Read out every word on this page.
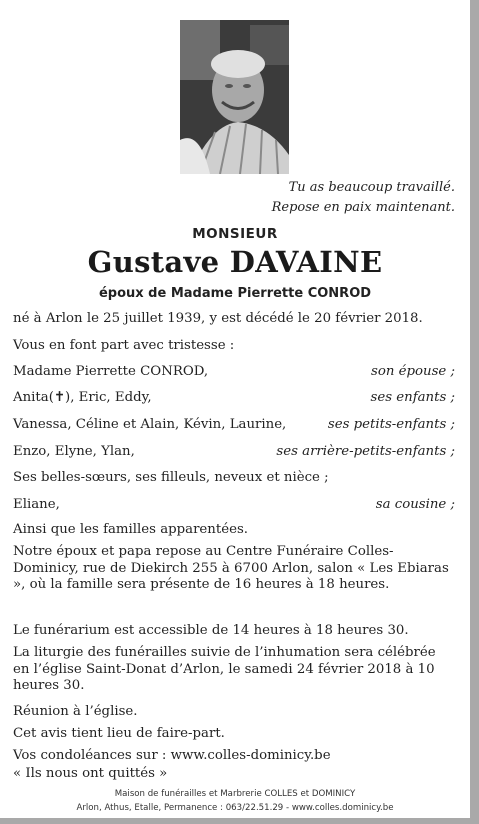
Tu as beaucoup travaillé.
Repose en paix maintenant.
MONSIEUR
Gustave DAVAINE
époux de Madame Pierrette CONROD
né à Arlon le 25 juillet 1939, y est décédé le 20 février 2018.
Vous en font part avec tristesse :
Madame Pierrette CONROD,	son épouse ;
Anita(✝), Eric, Eddy,	ses enfants ;
Vanessa, Céline et Alain, Kévin, Laurine,	ses petits-enfants ;
Enzo, Elyne, Ylan,	ses arrière-petits-enfants ;
Ses belles-sœurs, ses filleuls, neveux et nièce ;
Eliane,	sa cousine ;
Ainsi que les familles apparentées.
Notre époux et papa repose au Centre Funéraire Colles-Dominicy, rue de Diekirch 255 à 6700 Arlon, salon « Les Ebiaras », où la famille sera présente de 16 heures à 18 heures.
Le funérarium est accessible de 14 heures à 18 heures 30.
La liturgie des funérailles suivie de l’inhumation sera célébrée en l’église Saint-Donat d’Arlon, le samedi 24 février 2018 à 10 heures 30.
Réunion à l’église.
Cet avis tient lieu de faire-part.
Vos condoléances sur : www.colles-dominicy.be
« Ils nous ont quittés »
Maison de funérailles et Marbrerie COLLES et DOMINICY
Arlon, Athus, Etalle, Permanence : 063/22.51.29 - www.colles.dominicy.be
